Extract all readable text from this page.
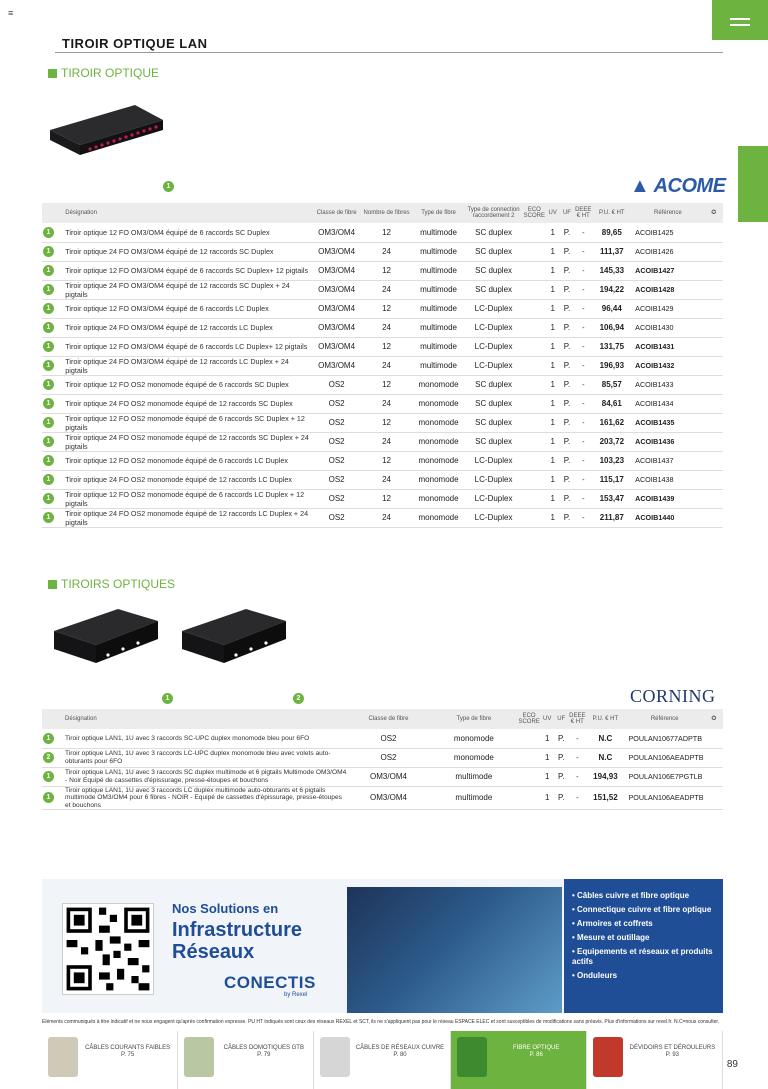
≡
TIROIR OPTIQUE LAN
TIROIR OPTIQUE
1	▲ ACOME
	Désignation	Classe de fibre	Nombre de fibres	Type de fibre	Type de connection raccordement 2	ECO SCORE	UV	UF	DEEE € HT	P.U. € HT	Référence	✪

1	Tiroir optique 12 FO OM3/OM4 équipé de 6 raccords SC Duplex	OM3/OM4	12	multimode	SC duplex		1	P.	-	89,65	ACOIB1425	

1	Tiroir optique 24 FO OM3/OM4 équipé de 12 raccords SC Duplex	OM3/OM4	24	multimode	SC duplex		1	P.	-	111,37	ACOIB1426	

1	Tiroir optique 12 FO OM3/OM4 équipé de 6 raccords SC Duplex+ 12 pigtails	OM3/OM4	12	multimode	SC duplex		1	P.	-	145,33	ACOIB1427	

1	Tiroir optique 24 FO OM3/OM4 équipé de 12 raccords SC Duplex + 24 pigtails	OM3/OM4	24	multimode	SC duplex		1	P.	-	194,22	ACOIB1428	

1	Tiroir optique 12 FO OM3/OM4 équipé de 6 raccords LC Duplex	OM3/OM4	12	multimode	LC-Duplex		1	P.	-	96,44	ACOIB1429	

1	Tiroir optique 24 FO OM3/OM4 équipé de 12 raccords LC Duplex	OM3/OM4	24	multimode	LC-Duplex		1	P.	-	106,94	ACOIB1430	

1	Tiroir optique 12 FO OM3/OM4 équipé de 6 raccords LC Duplex+ 12 pigtails	OM3/OM4	12	multimode	LC-Duplex		1	P.	-	131,75	ACOIB1431	

1	Tiroir optique 24 FO OM3/OM4 équipé de 12 raccords LC Duplex + 24 pigtails	OM3/OM4	24	multimode	LC-Duplex		1	P.	-	196,93	ACOIB1432	

1	Tiroir optique 12 FO OS2 monomode équipé de 6 raccords SC Duplex	OS2	12	monomode	SC duplex		1	P.	-	85,57	ACOIB1433	

1	Tiroir optique 24 FO OS2 monomode équipé de 12 raccords SC Duplex	OS2	24	monomode	SC duplex		1	P.	-	84,61	ACOIB1434	

1	Tiroir optique 12 FO OS2 monomode équipé de 6 raccords SC Duplex + 12 pigtails	OS2	12	monomode	SC duplex		1	P.	-	161,62	ACOIB1435	

1	Tiroir optique 24 FO OS2 monomode équipé de 12 raccords SC Duplex + 24 pigtails	OS2	24	monomode	SC duplex		1	P.	-	203,72	ACOIB1436	

1	Tiroir optique 12 FO OS2 monomode équipé de 6 raccords LC Duplex	OS2	12	monomode	LC-Duplex		1	P.	-	103,23	ACOIB1437	

1	Tiroir optique 24 FO OS2 monomode équipé de 12 raccords LC Duplex	OS2	24	monomode	LC-Duplex		1	P.	-	115,17	ACOIB1438	

1	Tiroir optique 12 FO OS2 monomode équipé de 6 raccords LC Duplex + 12 pigtails	OS2	12	monomode	LC-Duplex		1	P.	-	153,47	ACOIB1439	

1	Tiroir optique 24 FO OS2 monomode équipé de 12 raccords LC Duplex + 24 pigtails	OS2	24	monomode	LC-Duplex		1	P.	-	211,87	ACOIB1440	
TIROIRS OPTIQUES
1	2	CORNING
	Désignation	Classe de fibre	Type de fibre	ECO SCORE	UV	UF	DEEE € HT	P.U. € HT	Référence	✪

1	Tiroir optique LAN1, 1U avec 3 raccords SC-UPC duplex monomode bleu pour 6FO	OS2	monomode		1	P.	-	N.C	POULAN10677ADPTB	

2	Tiroir optique LAN1, 1U avec 3 raccords LC-UPC duplex monomode bleu avec volets auto-obturants pour 6FO	OS2	monomode		1	P.	-	N.C	POULAN106AEADPTB	

1	Tiroir optique LAN1, 1U avec 3 raccords SC duplex multimode et 6 pigtails Multimode OM3/OM4 - Noir Equipé de cassettes d'épissurage, presse-étoupes et bouchons	OM3/OM4	multimode		1	P.	-	194,93	POULAN106E7PGTLB	

1	Tiroir optique LAN1, 1U avec 3 raccords LC duplex multimode auto-obturants et 6 pigtails multimode OM3/OM4 pour 6 fibres - NOIR - Equipé de cassettes d'épissurage, presse-étoupes et bouchons	OM3/OM4	multimode		1	P.	-	151,52	POULAN106AEADPTB	
Nos Solutions en
Infrastructure
Réseaux
CONECTIS
by Rexel
• Câbles cuivre et fibre optique
• Connectique cuivre et fibre optique
• Armoires et coffrets
• Mesure et outillage
• Equipements et réseaux et produits actifs
• Onduleurs
Eléments communiqués à titre indicatif et ne nous engagent qu'après confirmation expresse. PU HT indiqués sont ceux des réseaux REXEL et SCT, ils ne s'appliquent pas pour le réseau ESPACE ELEC et sont susceptibles de modifications sans préavis. Plus d'informations sur rexel.fr. N.C=nous consulter.
CÂBLES COURANTS FAIBLES
P. 75
CÂBLES DOMOTIQUES GTB
P. 79
CÂBLES DE RÉSEAUX CUIVRE
P. 80
FIBRE OPTIQUE
P. 86
DÉVIDOIRS ET DÉROULEURS
P. 93
89
